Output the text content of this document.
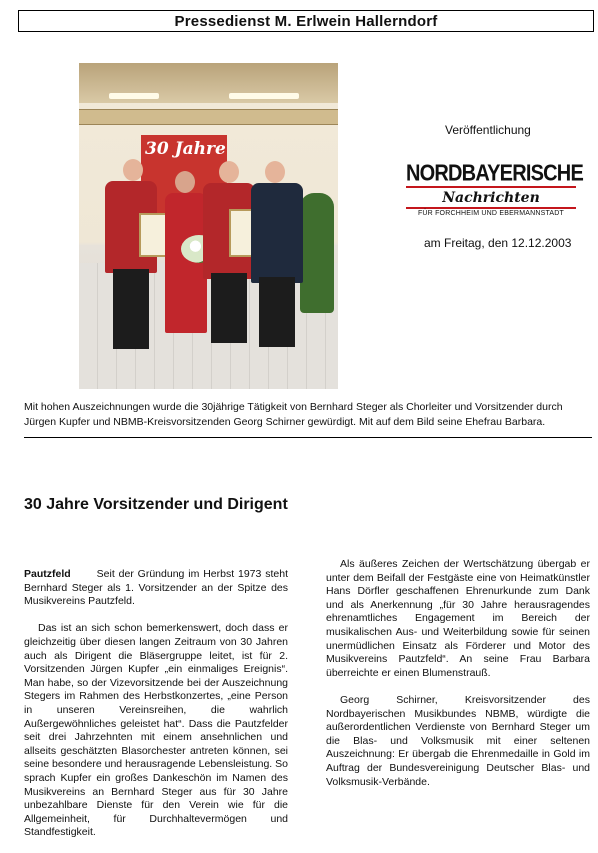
Pressedienst M. Erlwein Hallerndorf
30 Jahre
Veröffentlichung
NORDBAYERISCHE
Nachrichten
FÜR FORCHHEIM UND EBERMANNSTADT
am Freitag, den 12.12.2003
Mit hohen Auszeichnungen wurde die 30jährige Tätigkeit von Bernhard Steger als Chorleiter und Vorsitzender durch Jürgen Kupfer und NBMB-Kreisvorsitzenden Georg Schirner gewürdigt. Mit auf dem Bild seine Ehefrau Barbara.
30 Jahre Vorsitzender und Dirigent

Pautzfeld Seit der Gründung im Herbst 1973 steht Bernhard Steger als 1. Vorsitzender an der Spitze des Musikvereins Pautzfeld.

Das ist an sich schon bemerkenswert, doch dass er gleichzeitig über diesen langen Zeitraum von 30 Jahren auch als Dirigent die Bläsergruppe leitet, ist für 2. Vorsitzenden Jürgen Kupfer „ein einmaliges Ereignis“. Man habe, so der Vizevorsitzende bei der Auszeichnung Stegers im Rahmen des Herbstkonzertes, „eine Person in unseren Vereinsreihen, die wahrlich Außergewöhnliches geleistet hat“. Dass die Pautzfelder seit drei Jahrzehnten mit einem ansehnlichen und allseits geschätzten Blasorchester antreten können, sei seine besondere und herausragende Lebensleistung. So sprach Kupfer ein großes Dankeschön im Namen des Musikvereins an Bernhard Steger aus für 30 Jahre unbezahlbare Dienste für den Verein wie für die Allgemeinheit, für Durchhaltevermögen und Standfestigkeit.

Als äußeres Zeichen der Wertschätzung übergab er unter dem Beifall der Festgäste eine von Heimatkünstler Hans Dörfler geschaffenen Ehrenurkunde zum Dank und als Anerkennung „für 30 Jahre herausragendes ehrenamtliches Engagement im Bereich der musikalischen Aus- und Weiterbildung sowie für seinen unermüdlichen Einsatz als Förderer und Motor des Musikvereins Pautzfeld“. An seine Frau Barbara überreichte er einen Blumenstrauß.

Georg Schirner, Kreisvorsitzender des Nordbayerischen Musikbundes NBMB, würdigte die außerordentlichen Verdienste von Bernhard Steger um die Blas- und Volksmusik mit einer seltenen Auszeichnung: Er übergab die Ehrenmedaille in Gold im Auftrag der Bundesvereinigung Deutscher Blas- und Volksmusik-Verbände.
